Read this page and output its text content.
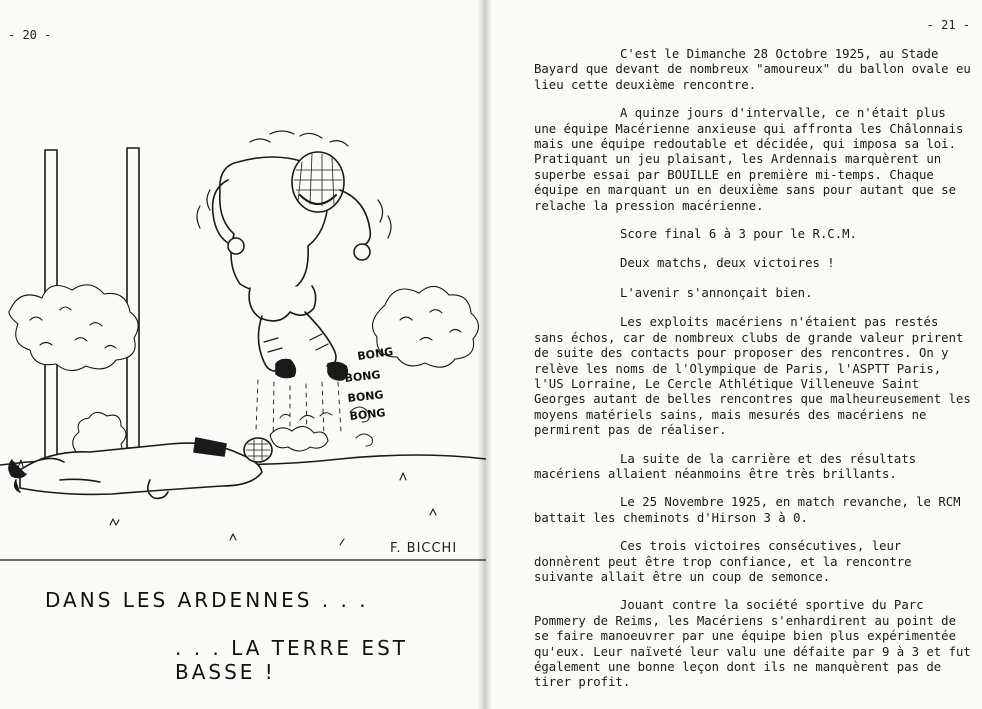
- 20 -
BONG
BONG
BONG
BONG
F. BICCHI
DANS LES ARDENNES . . .
. . . LA TERRE EST BASSE !
- 21 -

C'est le Dimanche 28 Octobre 1925, au Stade Bayard que devant de nombreux "amoureux" du ballon ovale eu lieu cette deuxième rencontre.

A quinze jours d'intervalle, ce n'était plus une équipe Macérienne anxieuse qui affronta les Châlonnais mais une équipe redoutable et décidée, qui imposa sa loi. Pratiquant un jeu plaisant, les Ardennais marquèrent un superbe essai par BOUILLE en première mi-temps. Chaque équipe en marquant un en deuxième sans pour autant que se relache la pression macérienne.

Score final 6 à 3 pour le R.C.M.

Deux matchs, deux victoires !

L'avenir s'annonçait bien.

Les exploits macériens n'étaient pas restés sans échos, car de nombreux clubs de grande valeur prirent de suite des contacts pour proposer des rencontres. On y relève les noms de l'Olympique de Paris, l'ASPTT Paris, l'US Lorraine, Le Cercle Athlétique Villeneuve Saint Georges autant de belles rencontres que malheureusement les moyens matériels sains, mais mesurés des macériens ne permirent pas de réaliser.

La suite de la carrière et des résultats macériens allaient néanmoins être très brillants.

Le 25 Novembre 1925, en match revanche, le RCM battait les cheminots d'Hirson 3 à 0.

Ces trois victoires consécutives, leur donnèrent peut être trop confiance, et la rencontre suivante allait être un coup de semonce.

Jouant contre la société sportive du Parc Pommery de Reims, les Macériens s'enhardirent au point de se faire manoeuvrer par une équipe bien plus expérimentée qu'eux. Leur naïveté leur valu une défaite par 9 à 3 et fut également une bonne leçon dont ils ne manquèrent pas de tirer profit.
